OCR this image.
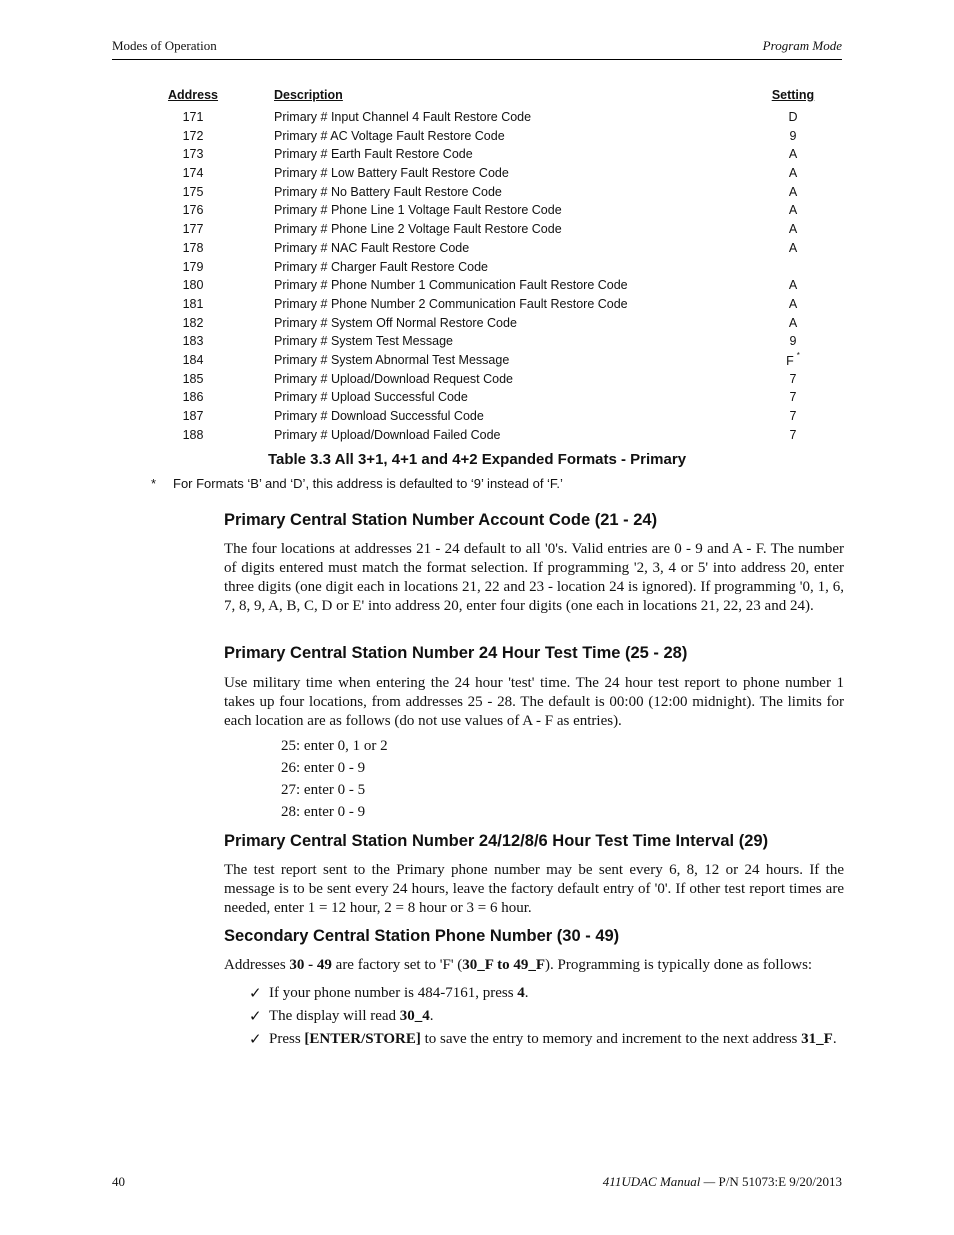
Modes of Operation	Program Mode
Address	Description	Setting
171	Primary # Input Channel 4 Fault Restore Code	D
172	Primary # AC Voltage Fault Restore Code	9
173	Primary # Earth Fault Restore Code	A
174	Primary # Low Battery Fault Restore Code	A
175	Primary # No Battery Fault Restore Code	A
176	Primary # Phone Line 1 Voltage Fault Restore Code	A
177	Primary # Phone Line 2 Voltage Fault Restore Code	A
178	Primary # NAC Fault Restore Code	A
179	Primary # Charger Fault Restore Code
180	Primary # Phone Number 1 Communication Fault Restore Code	A
181	Primary # Phone Number 2 Communication Fault Restore Code	A
182	Primary # System Off Normal Restore Code	A
183	Primary # System Test Message	9
184	Primary # System Abnormal Test Message	F *
185	Primary # Upload/Download Request Code	7
186	Primary # Upload Successful Code	7
187	Primary # Download Successful Code	7
188	Primary # Upload/Download Failed Code	7
Table 3.3 All 3+1, 4+1 and 4+2 Expanded Formats - Primary
* For Formats ‘B’ and ‘D’, this address is defaulted to ‘9’ instead of ‘F.’
Primary Central Station Number Account Code (21 - 24)

The four locations at addresses 21 - 24 default to all '0's. Valid entries are 0 - 9 and A - F. The number of digits entered must match the format selection. If programming '2, 3, 4 or 5' into address 20, enter three digits (one digit each in locations 21, 22 and 23 - location 24 is ignored). If programming '0, 1, 6, 7, 8, 9, A, B, C, D or E' into address 20, enter four digits (one each in locations 21, 22, 23 and 24).

Primary Central Station Number 24 Hour Test Time (25 - 28)

Use military time when entering the 24 hour 'test' time. The 24 hour test report to phone number 1 takes up four locations, from addresses 25 - 28. The default is 00:00 (12:00 midnight). The limits for each location are as follows (do not use values of A - F as entries).

25: enter 0, 1 or 2
26: enter 0 - 9
27: enter 0 - 5
28: enter 0 - 9
Primary Central Station Number 24/12/8/6 Hour Test Time Interval (29)

The test report sent to the Primary phone number may be sent every 6, 8, 12 or 24 hours. If the message is to be sent every 24 hours, leave the factory default entry of '0'. If other test report times are needed, enter 1 = 12 hour, 2 = 8 hour or 3 = 6 hour.

Secondary Central Station Phone Number (30 - 49)

Addresses 30 - 49 are factory set to 'F' (30_F to 49_F). Programming is typically done as follows:

✓ If your phone number is 484-7161, press 4.
✓ The display will read 30_4.
✓ Press [ENTER/STORE] to save the entry to memory and increment to the next address 31_F.
40	411UDAC Manual — P/N 51073:E 9/20/2013
